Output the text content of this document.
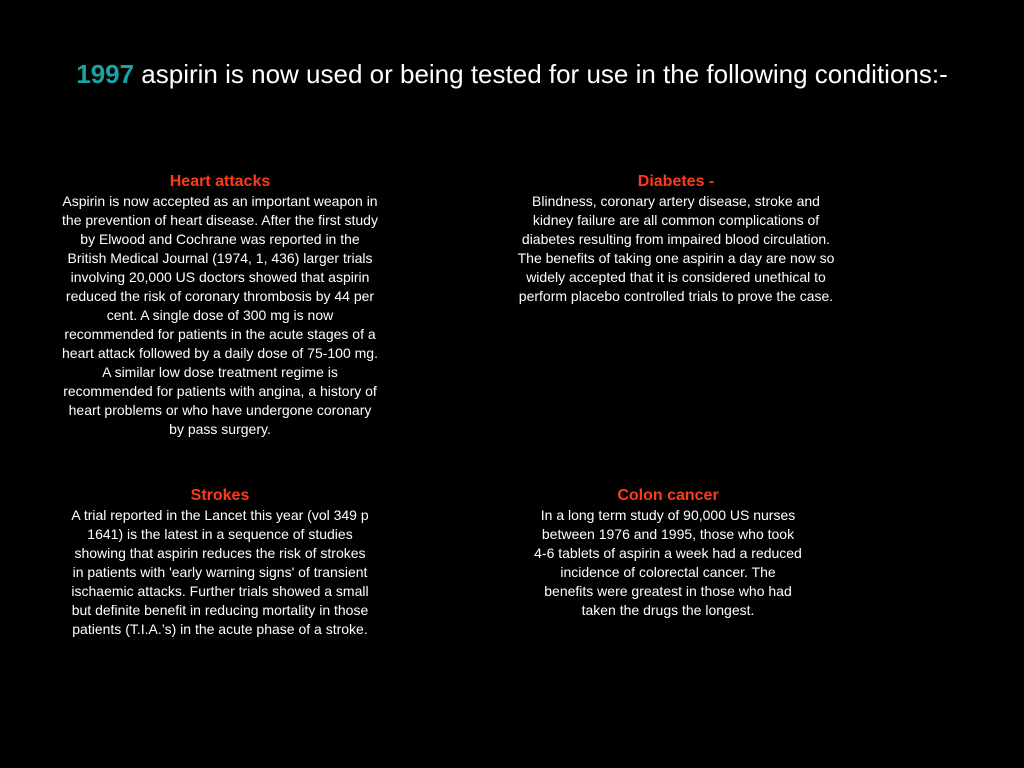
1997 aspirin is now used or being tested for use in the following conditions:-
Heart attacks
Aspirin is now accepted as an important weapon in the prevention of heart disease. After the first study by Elwood and Cochrane was reported in the British Medical Journal (1974, 1, 436) larger trials involving 20,000 US doctors showed that aspirin reduced the risk of coronary thrombosis by 44 per cent. A single dose of 300 mg is now recommended for patients in the acute stages of a heart attack followed by a daily dose of 75-100 mg. A similar low dose treatment regime is recommended for patients with angina, a history of heart problems or who have undergone coronary by pass surgery.
Diabetes -
Blindness, coronary artery disease, stroke and kidney failure are all common complications of diabetes resulting from impaired blood circulation. The benefits of taking one aspirin a day are now so widely accepted that it is considered unethical to perform placebo controlled trials to prove the case.
Strokes
A trial reported in the Lancet this year (vol 349 p 1641) is the latest in a sequence of studies showing that aspirin reduces the risk of strokes in patients with 'early warning signs' of transient ischaemic attacks. Further trials showed a small but definite benefit in reducing mortality in those patients (T.I.A.’s) in the acute phase of a stroke.
Colon cancer
In a long term study of 90,000 US nurses between 1976 and 1995, those who took 4-6 tablets of aspirin a week had a reduced incidence of colorectal cancer. The benefits were greatest in those who had taken the drugs the longest.
